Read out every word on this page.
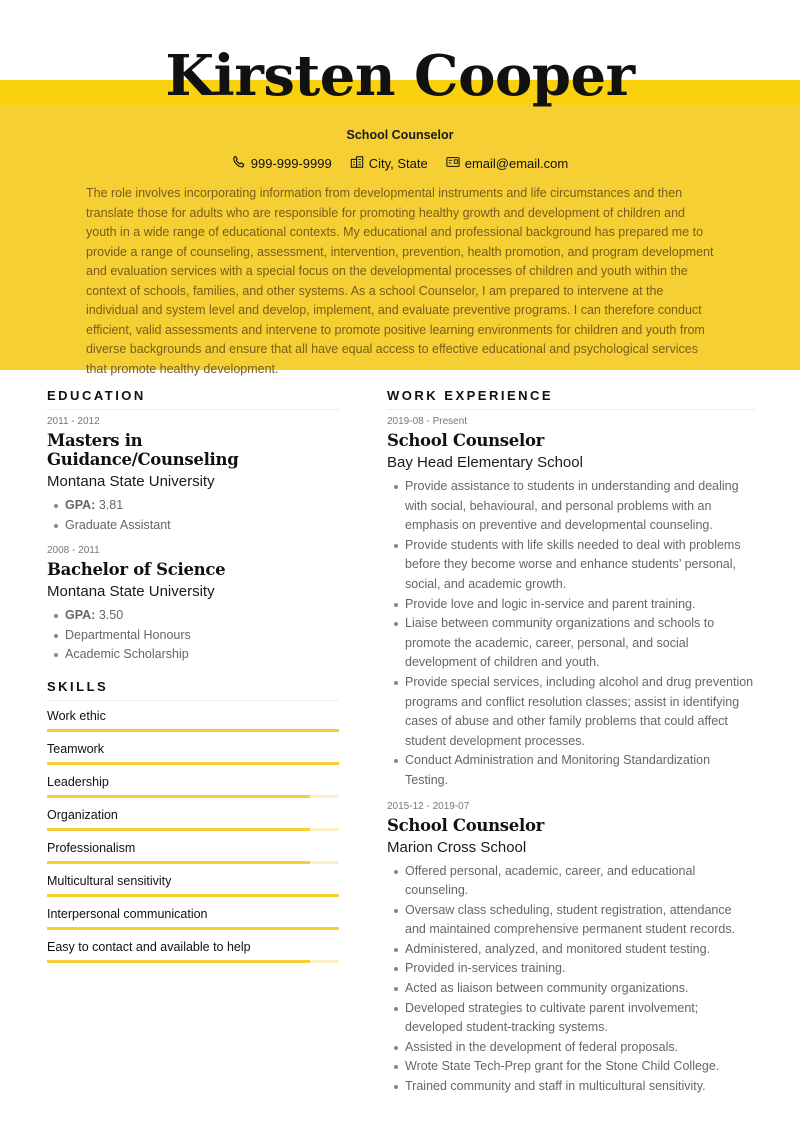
Kirsten Cooper
School Counselor
999-999-9999	City, State	email@email.com

The role involves incorporating information from developmental instruments and life circumstances and then translate those for adults who are responsible for promoting healthy growth and development of children and youth in a wide range of educational contexts. My educational and professional background has prepared me to provide a range of counseling, assessment, intervention, prevention, health promotion, and program development and evaluation services with a special focus on the developmental processes of children and youth within the context of schools, families, and other systems. As a school Counselor, I am prepared to intervene at the individual and system level and develop, implement, and evaluate preventive programs. I can therefore conduct efficient, valid assessments and intervene to promote positive learning environments for children and youth from diverse backgrounds and ensure that all have equal access to effective educational and psychological services that promote healthy development.

EDUCATION

2011 - 2012

Masters in Guidance/Counseling
Montana State University
GPA: 3.81
Graduate Assistant

2008 - 2011

Bachelor of Science
Montana State University
GPA: 3.50
Departmental Honours
Academic Scholarship
SKILLS
Work ethic
Teamwork
Leadership
Organization
Professionalism
Multicultural sensitivity
Interpersonal communication
Easy to contact and available to help
WORK EXPERIENCE

2019-08 - Present

School Counselor
Bay Head Elementary School
Provide assistance to students in understanding and dealing with social, behavioural, and personal problems with an emphasis on preventive and developmental counseling.
Provide students with life skills needed to deal with problems before they become worse and enhance students’ personal, social, and academic growth.
Provide love and logic in-service and parent training.
Liaise between community organizations and schools to promote the academic, career, personal, and social development of children and youth.
Provide special services, including alcohol and drug prevention programs and conflict resolution classes; assist in identifying cases of abuse and other family problems that could affect student development processes.
Conduct Administration and Monitoring Standardization Testing.

2015-12 - 2019-07

School Counselor
Marion Cross School
Offered personal, academic, career, and educational counseling.
Oversaw class scheduling, student registration, attendance and maintained comprehensive permanent student records.
Administered, analyzed, and monitored student testing.
Provided in-services training.
Acted as liaison between community organizations.
Developed strategies to cultivate parent involvement; developed student-tracking systems.
Assisted in the development of federal proposals.
Wrote State Tech-Prep grant for the Stone Child College.
Trained community and staff in multicultural sensitivity.
